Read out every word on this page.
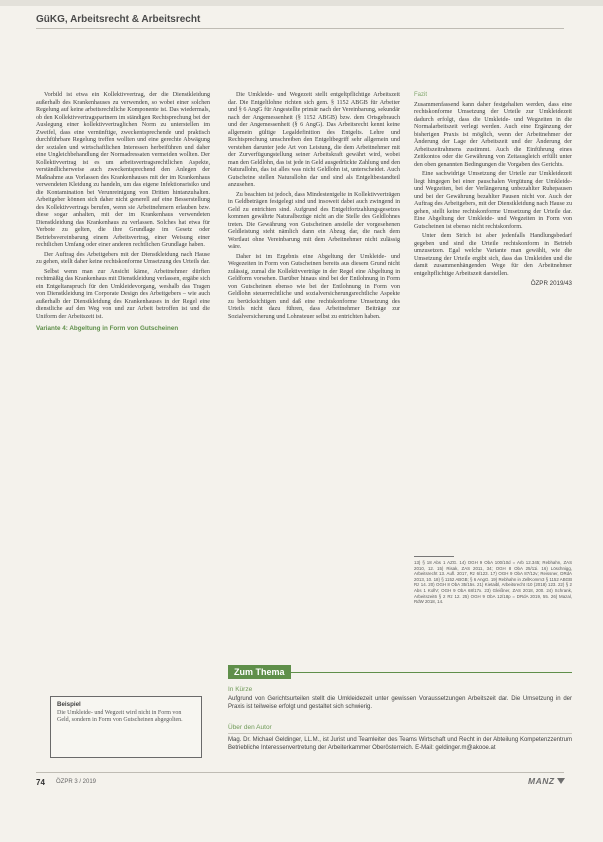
GüKG, Arbeitsrecht & Arbeitsrecht

Vorbild ist etwa ein Kollektivvertrag, der die Dienstkleidung außerhalb des Krankenhauses zu verwenden, so wobei einer solchen Regelung auf keine arbeitsrechtliche Komponente ist. Das wiedermals, ob den Kollektivvertragspartnern im ständigen Rechtsprechung bei der Auslegung einer kollektivvertraglichen Norm zu unterstellen im Zweifel, dass eine vernünftige, zweckentsprechende und praktisch durchführbare Regelung treffen wollten und eine gerechte Abwägung der sozialen und wirtschaftlichen Interessen herbeiführen und daher eine Ungleichbehandlung der Normadressaten vermeiden wollten. Der Kollektivvertrag ist es um arbeitsvertragsrechtlichen Aspekte, verständlicherweise auch zweckentsprechend den Anlegen der Maßnahme aus Vorlassen des Krankenhauses mit der im Krankenhaus verwendeten Kleidung zu handeln, um das eigene Infektionsrisiko und die Kontamination bei Verunreinigung von Dritten hintanzuhalten. Arbeitgeber können sich daher nicht generell auf eine Besserstellung des Kollektivvertrags berufen, wenn sie Arbeitnehmern erlauben bzw. diese sogar anhalten, mit der im Krankenhaus verwendeten Dienstkleidung das Krankenhaus zu verlassen. Solches hat etwa für Verbote zu gelten, die ihre Grundlage im Gesetz oder Betriebsvereinbarung einem Arbeitsvertrag, einer Weisung einer rechtlichen Umfang oder einer anderen rechtlichen Grundlage haben.

Der Auftrag des Arbeitgebers mit der Dienstkleidung nach Hause zu gehen, stellt daher keine rechtskonforme Umsetzung des Urteils dar.

Selbst wenn man zur Ansicht käme, Arbeitnehmer dürften rechtmäßig das Krankenhaus mit Dienstkleidung verlassen, ergäbe sich ein Entgeltanspruch für den Umkleidevorgang, weshalb das Tragen von Dienstkleidung im Corporate Design des Arbeitgebers – wie auch außerhalb der Dienstkleidung des Krankenhauses in der Regel eine dienstliche auf den Weg von und zur Arbeit betroffen ist und die Uniform der Arbeitszeit ist.

Variante 4: Abgeltung in Form von Gutscheinen
Beispiel
Die Umkleide- und Wegzeit wird nicht in Form von Geld, sondern in Form von Gutscheinen abgegolten.

Die Umkleide- und Wegezeit stellt entgeltpflichtige Arbeitszeit dar. Die Entgeltlohne richten sich gem. § 1152 ABGB für Arbeiter und § 6 AngG für Angestellte primär nach der Vereinbarung, sekundär nach der Angemessenheit (§ 1152 ABGB) bzw. dem Ortsgebrauch und der Angemessenheit (§ 6 AngG). Das Arbeitsrecht kennt keine allgemein gültige Legaldefinition des Entgelts. Lehre und Rechtsprechung umschreiben den Entgeltbegriff sehr allgemein und verstehen darunter jede Art von Leistung, die dem Arbeitnehmer mit der Zurverfügungstellung seiner Arbeitskraft gewährt wird, wobei man den Geldlohn, das ist jede in Geld ausgedrückte Zahlung und den Naturallohn, das ist alles was nicht Geldlohn ist, unterscheidet. Auch Gutscheine stellen Naturallohn dar und sind als Entgeltbestandteil anzusehen.

Zu beachten ist jedoch, dass Mindestentgelte in Kollektivverträgen in Geldbeträgen festgelegt sind und insoweit dabei auch zwingend in Geld zu entrichten sind. Aufgrund des Entgeltfortzahlungsgesetzes kommen gewährte Naturalbezüge nicht an die Stelle des Geldlohnes treten. Die Gewährung von Gutscheinen anstelle der vorgesehenen Geldleistung steht nämlich dann ein Abzug dar, die nach dem Wortlaut ohne Vereinbarung mit dem Arbeitnehmer nicht zulässig wäre.

Daher ist im Ergebnis eine Abgeltung der Umkleide- und Wegezeiten in Form von Gutscheinen bereits aus diesem Grund nicht zulässig, zumal die Kollektivverträge in der Regel eine Abgeltung in Geldform vorsehen. Darüber hinaus sind bei der Entlohnung in Form von Gutscheinen ebenso wie bei der Entlohnung in Form von Geldlohn steuerrechtliche und sozialversicherungsrechtliche Aspekte zu berücksichtigen und daß eine rechtskonforme Umsetzung des Urteils nicht dazu führen, dass Arbeitnehmer Beiträge zur Sozialversicherung und Lohnsteuer selbst zu entrichten haben.

Fazit

Zusammenfassend kann daher festgehalten werden, dass eine rechtskonforme Umsetzung der Urteile zur Umkleidezeit dadurch erfolgt, dass die Umkleide- und Wegzeiten in die Normalarbeitszeit verlegt werden. Auch eine Ergänzung der bisherigen Praxis ist möglich, wenn der Arbeitnehmer der Änderung der Lage der Arbeitszeit und der Änderung der Arbeitszeitrahmens zustimmt. Auch die Einführung eines Zeitkontos oder die Gewährung von Zeitausgleich erfüllt unter den oben genannten Bedingungen die Vorgaben des Gerichts.

Eine sachwidrige Umsetzung der Urteile zur Umkleidezeit liegt hingegen bei einer pauschalen Vergütung der Umkleide- und Wegzeiten, bei der Verlängerung unbezahlter Ruhepausen und bei der Gewährung bezahlter Pausen nicht vor. Auch der Auftrag des Arbeitgebers, mit der Dienstkleidung nach Hause zu gehen, stellt keine rechtskonforme Umsetzung der Urteile dar. Eine Abgeltung der Umkleide- und Wegzeiten in Form von Gutscheinen ist ebenso nicht rechtskonform.

Unter dem Strich ist aber jedenfalls Handlungsbedarf gegeben und sind die Urteile rechtskonform in Betrieb umzusetzen. Egal welche Variante man gewählt, wie die Umsetzung der Urteile ergibt sich, dass das Umkleiden und die damit zusammenhängenden Wege für den Arbeitnehmer entgeltpflichtige Arbeitszeit darstellen.

ÖZPR 2019/43
13) § 18 Abs 1 AZG. 14) OGH 9 ObA 100/10d = Arb 12.345; Rebhahn, ZAS 2010, 12. 15) Risak, ZAS 2011, 34; OGH 8 ObA 25/11i. 16) Löschnigg, Arbeitsrecht 13. Aufl. 2017, Rz 6/123. 17) OGH 9 ObA 87/12v; Reissner, DRdA 2013, 10. 18) § 1152 ABGB; § 6 AngG. 19) Rebhahn in ZellKomm3 § 1152 ABGB Rz 14. 20) OGH 8 ObA 35/15s. 21) Kietaibl, Arbeitsrecht I10 (2018) 123. 22) § 2 Abs 1 KollV; OGH 9 ObA 68/17x. 23) Gleißner, ZAS 2018, 200. 24) Schrank, Arbeitszeit6 § 2 Rz 12. 25) OGH 9 ObA 12/18p = DRdA 2019, 55. 26) Mazal, RdW 2018, 14.
Zum Thema
In Kürze
Aufgrund von Gerichtsurteilen stellt die Umkleidezeit unter gewissen Voraussetzungen Arbeitszeit dar. Die Umsetzung in der Praxis ist teilweise erfolgt und gestaltet sich schwierig.
Über den Autor
Mag. Dr. Michael Geldinger, LL.M., ist Jurist und Teamleiter des Teams Wirtschaft und Recht in der Abteilung Kompetenzzentrum Betriebliche Interessenvertretung der Arbeiterkammer Oberösterreich. E-Mail: geldinger.m@akooe.at
74 ÖZPR 3 / 2019	MANZ
